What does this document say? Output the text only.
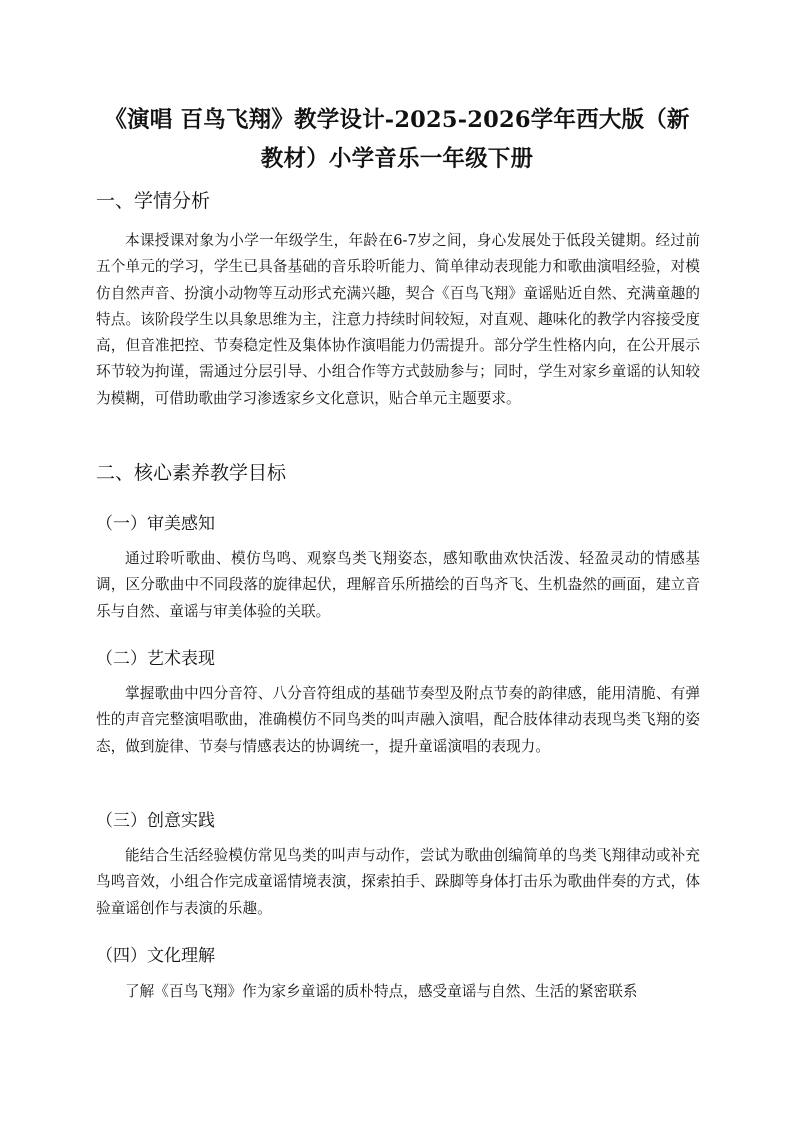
《演唱 百鸟飞翔》教学设计-2025-2026学年西大版（新教材）小学音乐一年级下册
一、学情分析

本课授课对象为小学一年级学生，年龄在6-7岁之间，身心发展处于低段关键期。经过前五个单元的学习，学生已具备基础的音乐聆听能力、简单律动表现能力和歌曲演唱经验，对模仿自然声音、扮演小动物等互动形式充满兴趣，契合《百鸟飞翔》童谣贴近自然、充满童趣的特点。该阶段学生以具象思维为主，注意力持续时间较短，对直观、趣味化的教学内容接受度高，但音准把控、节奏稳定性及集体协作演唱能力仍需提升。部分学生性格内向，在公开展示环节较为拘谨，需通过分层引导、小组合作等方式鼓励参与；同时，学生对家乡童谣的认知较为模糊，可借助歌曲学习渗透家乡文化意识，贴合单元主题要求。

二、核心素养教学目标
（一）审美感知

通过聆听歌曲、模仿鸟鸣、观察鸟类飞翔姿态，感知歌曲欢快活泼、轻盈灵动的情感基调，区分歌曲中不同段落的旋律起伏，理解音乐所描绘的百鸟齐飞、生机盎然的画面，建立音乐与自然、童谣与审美体验的关联。

（二）艺术表现

掌握歌曲中四分音符、八分音符组成的基础节奏型及附点节奏的韵律感，能用清脆、有弹性的声音完整演唱歌曲，准确模仿不同鸟类的叫声融入演唱，配合肢体律动表现鸟类飞翔的姿态，做到旋律、节奏与情感表达的协调统一，提升童谣演唱的表现力。

（三）创意实践

能结合生活经验模仿常见鸟类的叫声与动作，尝试为歌曲创编简单的鸟类飞翔律动或补充鸟鸣音效，小组合作完成童谣情境表演，探索拍手、跺脚等身体打击乐为歌曲伴奏的方式，体验童谣创作与表演的乐趣。

（四）文化理解

了解《百鸟飞翔》作为家乡童谣的质朴特点，感受童谣与自然、生活的紧密联系
